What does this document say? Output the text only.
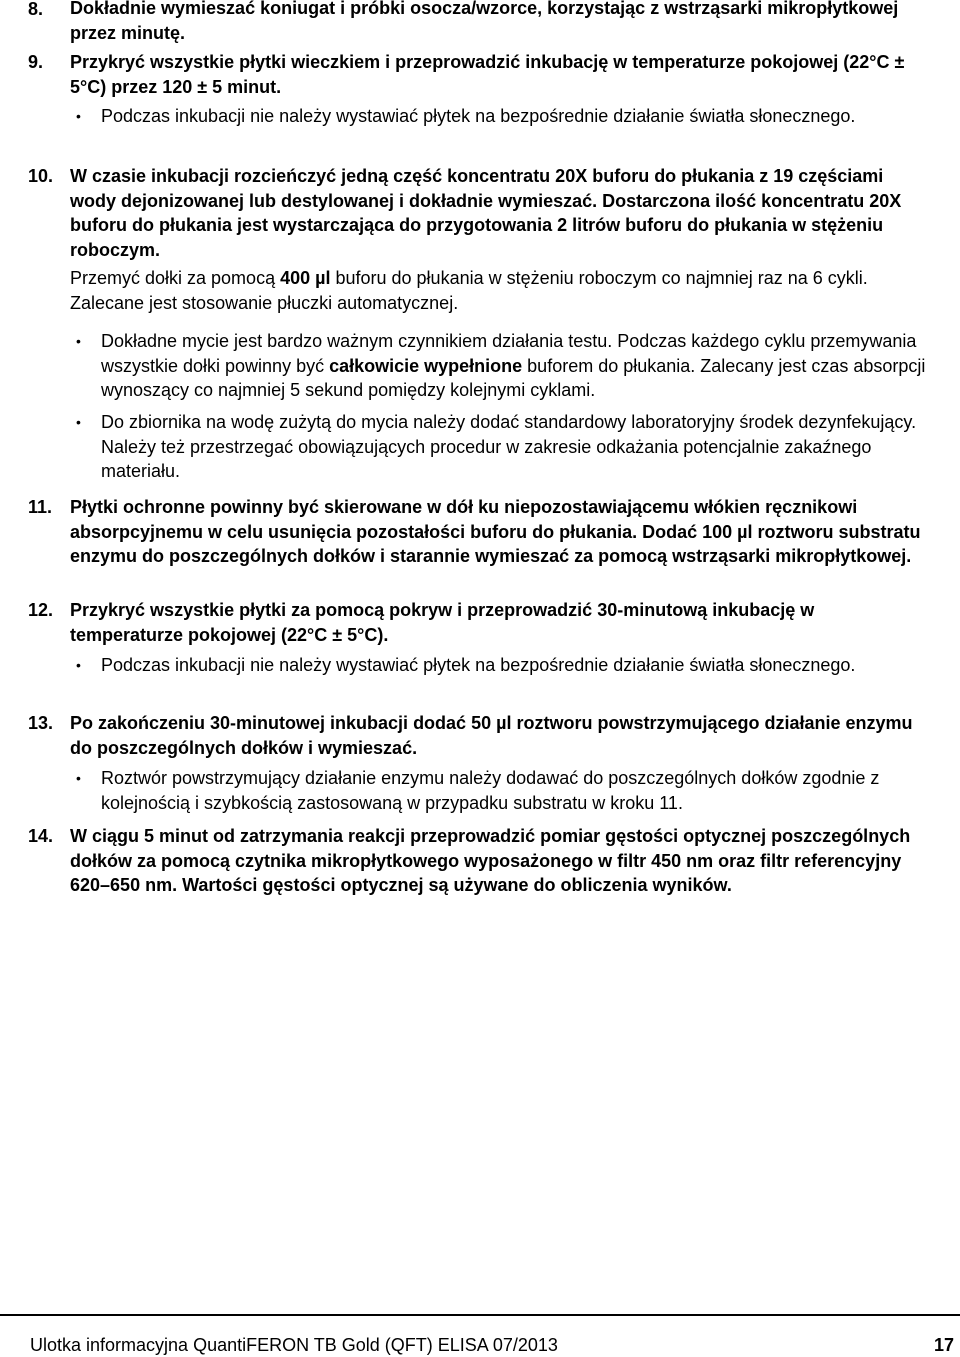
8. Dokładnie wymieszać koniugat i próbki osocza/wzorce, korzystając z wstrząsarki mikropłytkowej przez minutę.
9. Przykryć wszystkie płytki wieczkiem i przeprowadzić inkubację w temperaturze pokojowej (22°C ± 5°C) przez 120 ± 5 minut.
• Podczas inkubacji nie należy wystawiać płytek na bezpośrednie działanie światła słonecznego.
10. W czasie inkubacji rozcieńczyć jedną część koncentratu 20X buforu do płukania z 19 częściami wody dejonizowanej lub destylowanej i dokładnie wymieszać. Dostarczona ilość koncentratu 20X buforu do płukania jest wystarczająca do przygotowania 2 litrów buforu do płukania w stężeniu roboczym.
Przemyć dołki za pomocą 400 µl buforu do płukania w stężeniu roboczym co najmniej raz na 6 cykli. Zalecane jest stosowanie płuczki automatycznej.
• Dokładne mycie jest bardzo ważnym czynnikiem działania testu. Podczas każdego cyklu przemywania wszystkie dołki powinny być całkowicie wypełnione buforem do płukania. Zalecany jest czas absorpcji wynoszący co najmniej 5 sekund pomiędzy kolejnymi cyklami.
• Do zbiornika na wodę zużytą do mycia należy dodać standardowy laboratoryjny środek dezynfekujący. Należy też przestrzegać obowiązujących procedur w zakresie odkażania potencjalnie zakaźnego materiału.
11. Płytki ochronne powinny być skierowane w dół ku niepozostawiającemu włókien ręcznikowi absorpcyjnemu w celu usunięcia pozostałości buforu do płukania. Dodać 100 µl roztworu substratu enzymu do poszczególnych dołków i starannie wymieszać za pomocą wstrząsarki mikropłytkowej.
12. Przykryć wszystkie płytki za pomocą pokryw i przeprowadzić 30-minutową inkubację w temperaturze pokojowej (22°C ± 5°C).
• Podczas inkubacji nie należy wystawiać płytek na bezpośrednie działanie światła słonecznego.
13. Po zakończeniu 30-minutowej inkubacji dodać 50 µl roztworu powstrzymującego działanie enzymu do poszczególnych dołków i wymieszać.
• Roztwór powstrzymujący działanie enzymu należy dodawać do poszczególnych dołków zgodnie z kolejnością i szybkością zastosowaną w przypadku substratu w kroku 11.
14. W ciągu 5 minut od zatrzymania reakcji przeprowadzić pomiar gęstości optycznej poszczególnych dołków za pomocą czytnika mikropłytkowego wyposażonego w filtr 450 nm oraz filtr referencyjny 620–650 nm. Wartości gęstości optycznej są używane do obliczenia wyników.
Ulotka informacyjna QuantiFERON TB Gold (QFT) ELISA 07/2013	17
